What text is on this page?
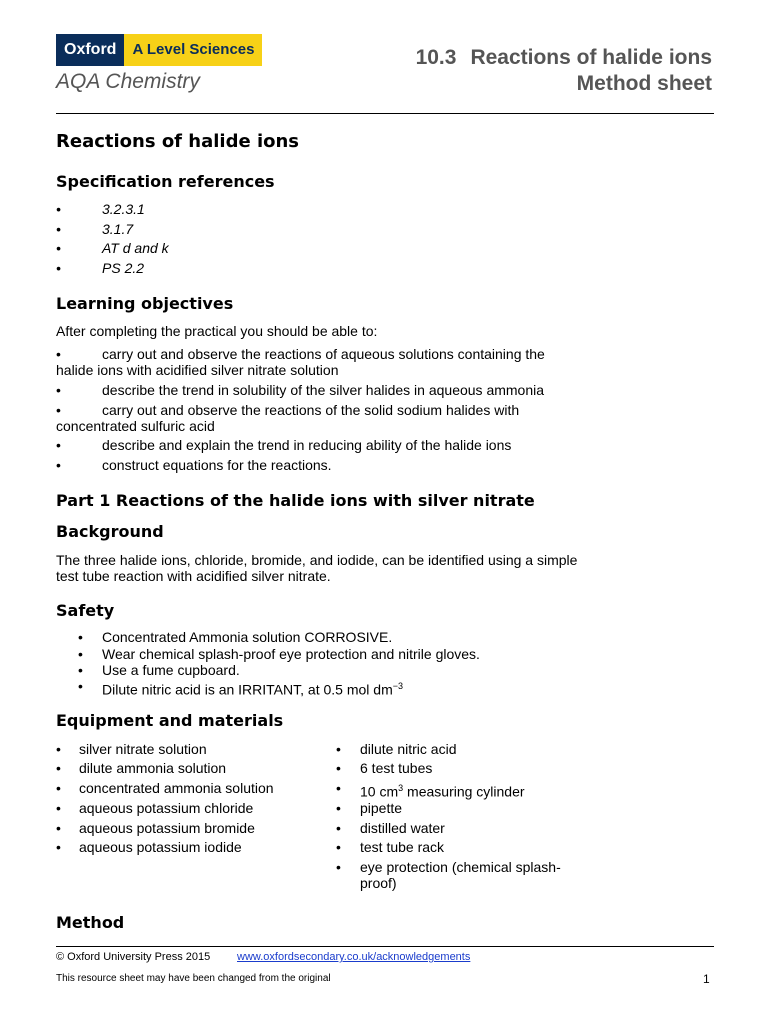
Oxford	A Level Sciences
AQA Chemistry
10.3 Reactions of halide ions
Method sheet
Reactions of halide ions
Specification references
•	3.2.3.1
•	3.1.7
•	AT d and k
•	PS 2.2
Learning objectives
After completing the practical you should be able to:
•	carry out and observe the reactions of aqueous solutions containing the
halide ions with acidified silver nitrate solution
•	describe the trend in solubility of the silver halides in aqueous ammonia
•	carry out and observe the reactions of the solid sodium halides with
concentrated sulfuric acid
•	describe and explain the trend in reducing ability of the halide ions
•	construct equations for the reactions.
Part 1 Reactions of the halide ions with silver nitrate
Background
The three halide ions, chloride, bromide, and iodide, can be identified using a simple
test tube reaction with acidified silver nitrate.
Safety
• Concentrated Ammonia solution CORROSIVE.
• Wear chemical splash-proof eye protection and nitrile gloves.
• Use a fume cupboard.
• Dilute nitric acid is an IRRITANT, at 0.5 mol $dm^{-3}$
Equipment and materials
• silver nitrate solution
• dilute ammonia solution
• concentrated ammonia solution
• aqueous potassium chloride
• aqueous potassium bromide
• aqueous potassium iodide
• dilute nitric acid
• 6 test tubes
• 10 $cm^3$ measuring cylinder
• pipette
• distilled water
• test tube rack
• eye protection (chemical splash-
proof)
Method
© Oxford University Press 2015 www.oxfordsecondary.co.uk/acknowledgements
This resource sheet may have been changed from the original	1
